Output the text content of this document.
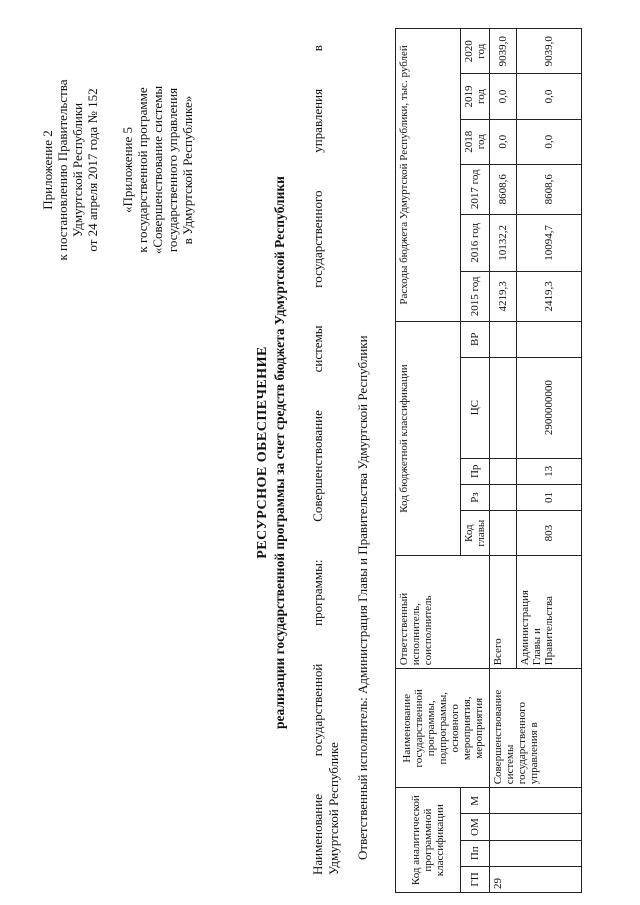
Приложение 2 к постановлению Правительства Удмуртской Республики от 24 апреля 2017 года № 152 «Приложение 5 к государственной программе «Совершенствование системы государственного управления в Удмуртской Республике»
РЕСУРСНОЕ ОБЕСПЕЧЕНИЕ реализации государственной программы за счет средств бюджета Удмуртской Республики
Наименование
государственной
программы:
Совершенствование
системы
государственного
управления
в
Удмуртской Республике Ответственный исполнитель: Администрация Главы и Правительства Удмуртской Республики	Код аналитической программной классификации				Наименование государственной программы, подпрограммы, основного мероприятия, мероприятия	Ответственный исполнитель, соисполнитель	Код бюджетной классификации					Расходы бюджета Удмуртской Республики, тыс. рублей					
ГП	Пп	ОМ	М			Код главы	Рз	Пр	ЦС	ВР	2015 год	2016 год	2017 год	2018 год	2019 год	2020 год
29				Совершенствование системы государственного управления в	Всего						4219,3	10132,2	8608,6	0,0	0,0	9039,0
					Администрация Главы и Правительства	803	01	13	2900000000		2419,3	10094,7	8608,6	0,0	0,0	9039,0
